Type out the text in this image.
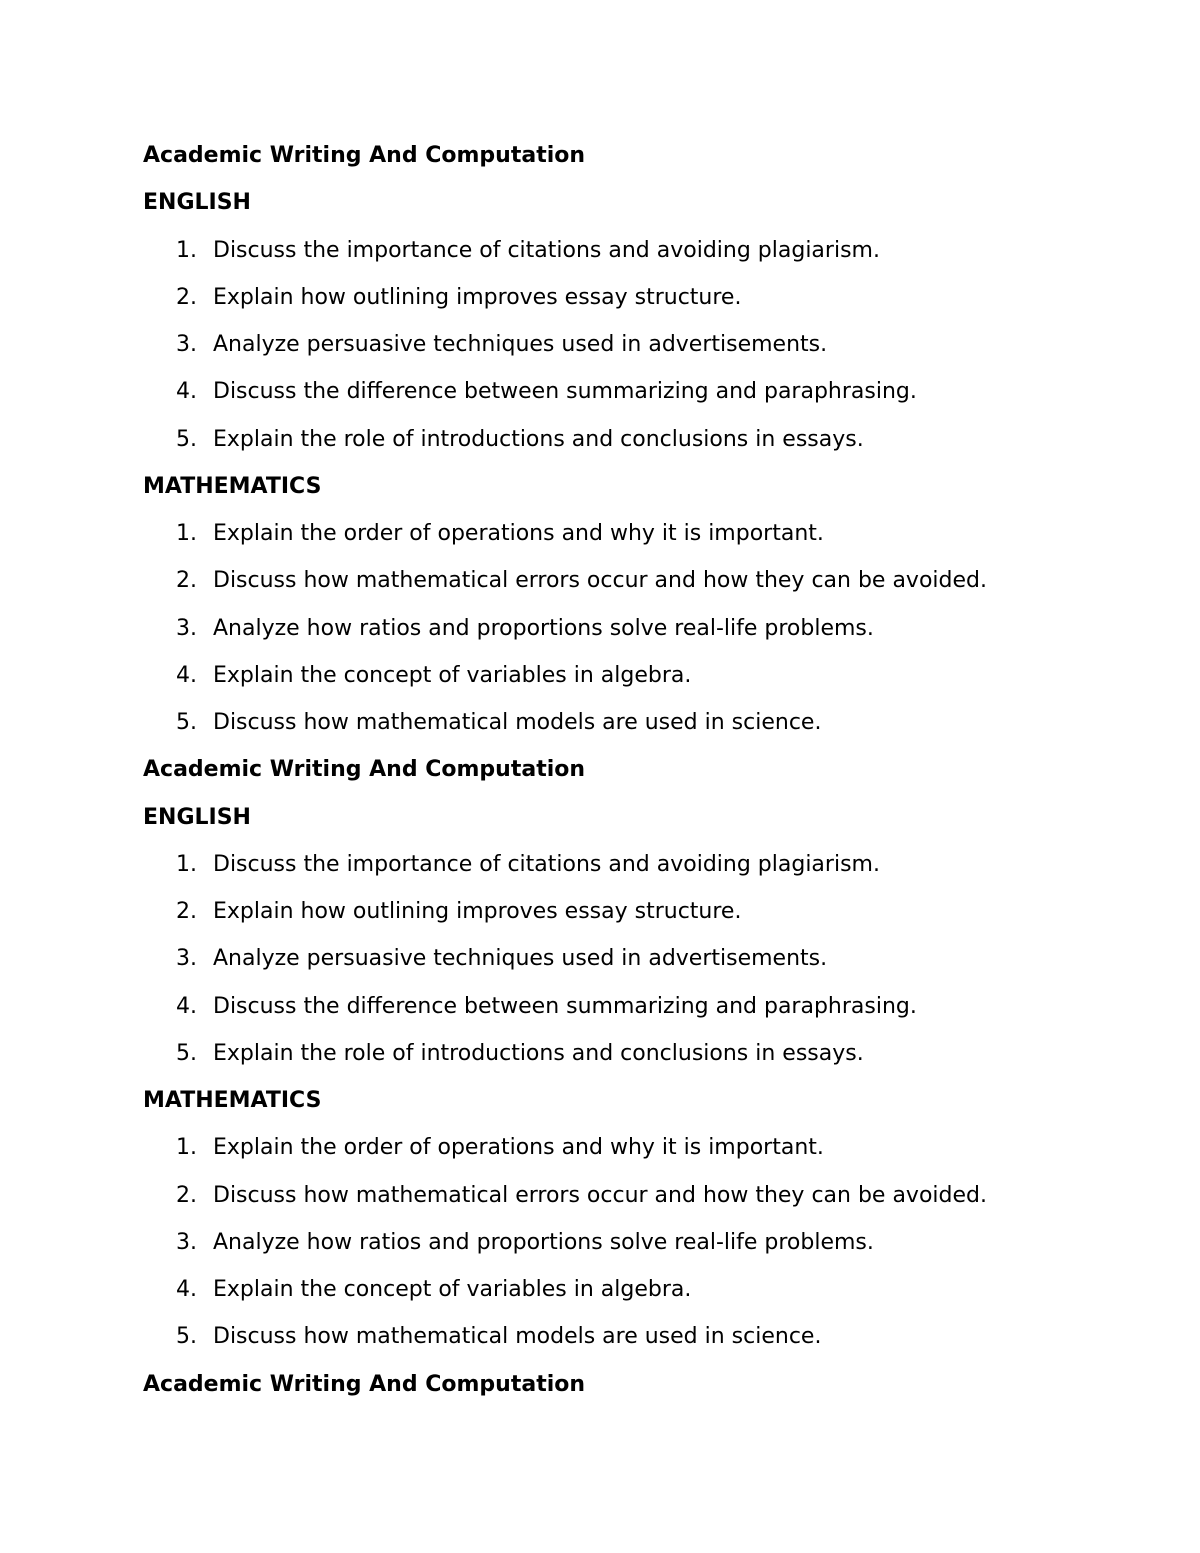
Academic Writing And Computation
ENGLISH
1. Discuss the importance of citations and avoiding plagiarism.
2. Explain how outlining improves essay structure.
3. Analyze persuasive techniques used in advertisements.
4. Discuss the difference between summarizing and paraphrasing.
5. Explain the role of introductions and conclusions in essays.
MATHEMATICS
1. Explain the order of operations and why it is important.
2. Discuss how mathematical errors occur and how they can be avoided.
3. Analyze how ratios and proportions solve real-life problems.
4. Explain the concept of variables in algebra.
5. Discuss how mathematical models are used in science.
Academic Writing And Computation
ENGLISH
1. Discuss the importance of citations and avoiding plagiarism.
2. Explain how outlining improves essay structure.
3. Analyze persuasive techniques used in advertisements.
4. Discuss the difference between summarizing and paraphrasing.
5. Explain the role of introductions and conclusions in essays.
MATHEMATICS
1. Explain the order of operations and why it is important.
2. Discuss how mathematical errors occur and how they can be avoided.
3. Analyze how ratios and proportions solve real-life problems.
4. Explain the concept of variables in algebra.
5. Discuss how mathematical models are used in science.
Academic Writing And Computation
